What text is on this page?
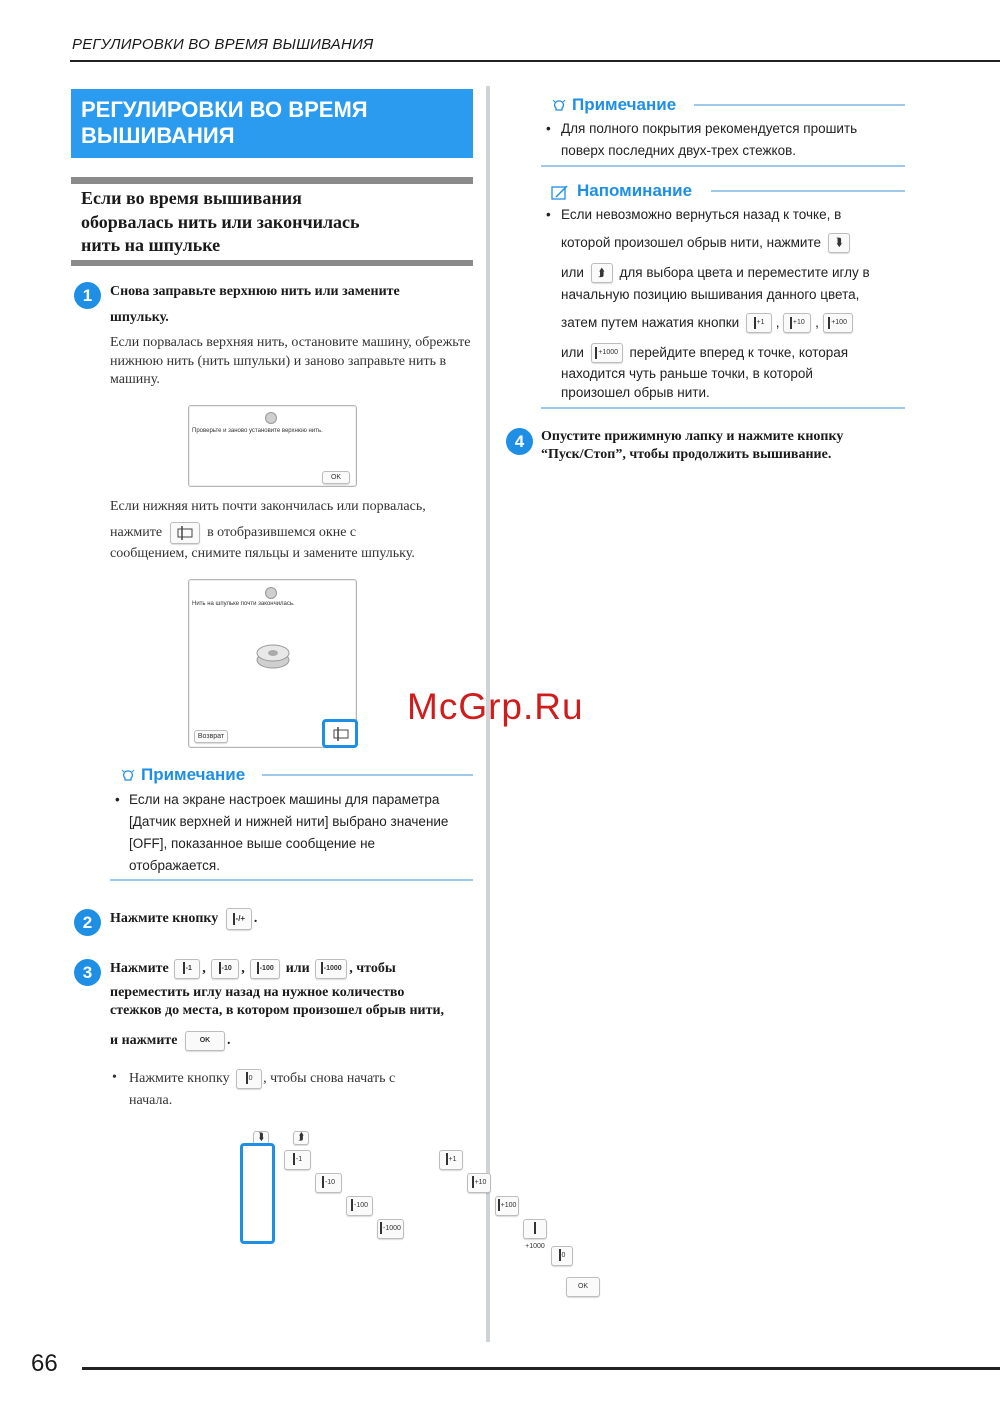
РЕГУЛИРОВКИ ВО ВРЕМЯ ВЫШИВАНИЯ
РЕГУЛИРОВКИ ВО ВРЕМЯ
ВЫШИВАНИЯ
Если во время вышивания
оборвалась нить или закончилась
нить на шпульке
1	Снова заправьте верхнюю нить или замените
шпульку.
Если порвалась верхняя нить, остановите машину, обрежьте нижнюю нить (нить шпульки) и заново заправьте нить в машину.
Проверьте и заново установите верхнюю нить.
OK
Если нижняя нить почти закончилась или порвалась,
нажмите	в отобразившемся окне с
сообщением, снимите пяльцы и замените шпульку.
Нить на шпульке почти закончилась.
Возврат
Примечание
• Если на экране настроек машины для параметра
[Датчик верхней и нижней нити] выбрано значение
[OFF], показанное выше сообщение не
отображается.
2	Нажмите кнопку -/+ .
3	Нажмите -1 , -10 , -100 или -1000 , чтобы
переместить иглу назад на нужное количество
стежков до места, в котором произошел обрыв нити,
и нажмите	OK .
• Нажмите кнопку	0 , чтобы снова начать с
начала.
⮯	⮭
-1 -10 -100 -1000 +1 +10 +100 +1000 0 OK
Примечание
• Для полного покрытия рекомендуется прошить
поверх последних двух-трех стежков.
Напоминание
• Если невозможно вернуться назад к точке, в
которой произошел обрыв нити, нажмите ⮯
или ⮭ для выбора цвета и переместите иглу в
начальную позицию вышивания данного цвета,
затем путем нажатия кнопки +1 , +10 , +100
или +1000 перейдите вперед к точке, которая
находится чуть раньше точки, в которой
произошел обрыв нити.
4	Опустите прижимную лапку и нажмите кнопку
“Пуск/Стоп”, чтобы продолжить вышивание.
McGrp.Ru
66
